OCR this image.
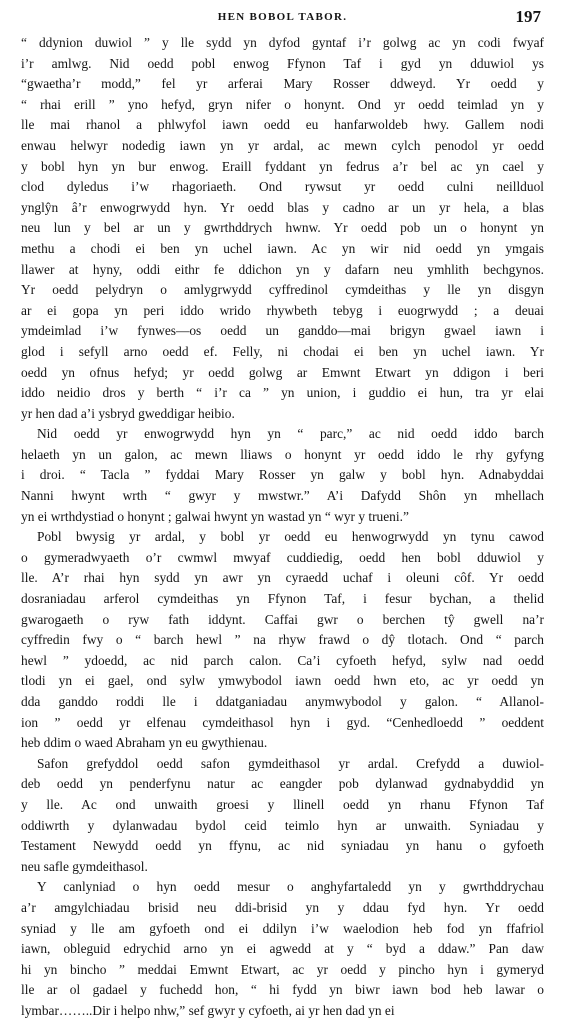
HEN BOBOL TABOR.	197
“ ddynion duwiol ” y lle sydd yn dyfod gyntaf i’r golwg ac yn codi fwyaf
i’r amlwg. Nid oedd pobl enwog Ffynon Taf i gyd yn dduwiol ys
“gwaetha’r modd,” fel yr arferai Mary Rosser ddweyd. Yr oedd y
“ rhai erill ” yno hefyd, gryn nifer o honynt. Ond yr oedd teimlad yn y
lle mai rhanol a phlwyfol iawn oedd eu hanfarwoldeb hwy. Gallem nodi
enwau helwyr nodedig iawn yn yr ardal, ac mewn cylch penodol yr oedd
y bobl hyn yn bur enwog. Eraill fyddant yn fedrus a’r bel ac yn cael y
clod dyledus i’w rhagoriaeth. Ond rywsut yr oedd culni neillduol
ynglŷn â’r enwogrwydd hyn. Yr oedd blas y cadno ar un yr hela, a blas
neu lun y bel ar un y gwrthddrych hwnw. Yr oedd pob un o honynt yn
methu a chodi ei ben yn uchel iawn. Ac yn wir nid oedd yn ymgais
llawer at hyny, oddi eithr fe ddichon yn y dafarn neu ymhlith bechgynos.
Yr oedd pelydryn o amlygrwydd cyffredinol cymdeithas y lle yn disgyn
ar ei gopa yn peri iddo wrido rhywbeth tebyg i euogrwydd ; a deuai
ymdeimlad i’w fynwes—os oedd un ganddo—mai brigyn gwael iawn i
glod i sefyll arno oedd ef. Felly, ni chodai ei ben yn uchel iawn. Yr
oedd yn ofnus hefyd; yr oedd golwg ar Emwnt Etwart yn ddigon i beri
iddo neidio dros y berth “ i’r ca ” yn union, i guddio ei hun, tra yr elai
yr hen dad a’i ysbryd gweddigar heibio.
Nid oedd yr enwogrwydd hyn yn “ parc,” ac nid oedd iddo barch
helaeth yn un galon, ac mewn lliaws o honynt yr oedd iddo le rhy gyfyng
i droi. “ Tacla ” fyddai Mary Rosser yn galw y bobl hyn. Adnabyddai
Nanni hwynt wrth “ gwyr y mwstwr.” A’i Dafydd Shôn yn mhellach
yn ei wrthdystiad o honynt ; galwai hwynt yn wastad yn “ wyr y trueni.”
Pobl bwysig yr ardal, y bobl yr oedd eu henwogrwydd yn tynu cawod
o gymeradwyaeth o’r cwmwl mwyaf cuddiedig, oedd hen bobl dduwiol y
lle. A’r rhai hyn sydd yn awr yn cyraedd uchaf i oleuni côf. Yr oedd
dosraniadau arferol cymdeithas yn Ffynon Taf, i fesur bychan, a thelid
gwarogaeth o ryw fath iddynt. Caffai gwr o berchen tŷ gwell na’r
cyffredin fwy o “ barch hewl ” na rhyw frawd o dŷ tlotach. Ond “ parch
hewl ” ydoedd, ac nid parch calon. Ca’i cyfoeth hefyd, sylw nad oedd
tlodi yn ei gael, ond sylw ymwybodol iawn oedd hwn eto, ac yr oedd yn
dda ganddo roddi lle i ddatganiadau anymwybodol y galon. “ Allanol-
ion ” oedd yr elfenau cymdeithasol hyn i gyd. “Cenhedloedd ” oeddent
heb ddim o waed Abraham yn eu gwythienau.
Safon grefyddol oedd safon gymdeithasol yr ardal. Crefydd a duwiol-
deb oedd yn penderfynu natur ac eangder pob dylanwad gydnabyddid yn
y lle. Ac ond unwaith groesi y llinell oedd yn rhanu Ffynon Taf
oddiwrth y dylanwadau bydol ceid teimlo hyn ar unwaith. Syniadau y
Testament Newydd oedd yn ffynu, ac nid syniadau yn hanu o gyfoeth
neu safle gymdeithasol.
Y canlyniad o hyn oedd mesur o anghyfartaledd yn y gwrthddrychau
a’r amgylchiadau brisid neu ddi-brisid yn y ddau fyd hyn. Yr oedd
syniad y lle am gyfoeth ond ei ddilyn i’w waelodion heb fod yn ffafriol
iawn, obleguid edrychid arno yn ei agwedd at y “ byd a ddaw.” Pan daw
hi yn bincho ” meddai Emwnt Etwart, ac yr oedd y pincho hyn i gymeryd
lle ar ol gadael y fuchedd hon, “ hi fydd yn biwr iawn bod heb lawar o
lymbar……..Dir i helpo nhw,” sef gwyr y cyfoeth, ai yr hen dad yn ei
